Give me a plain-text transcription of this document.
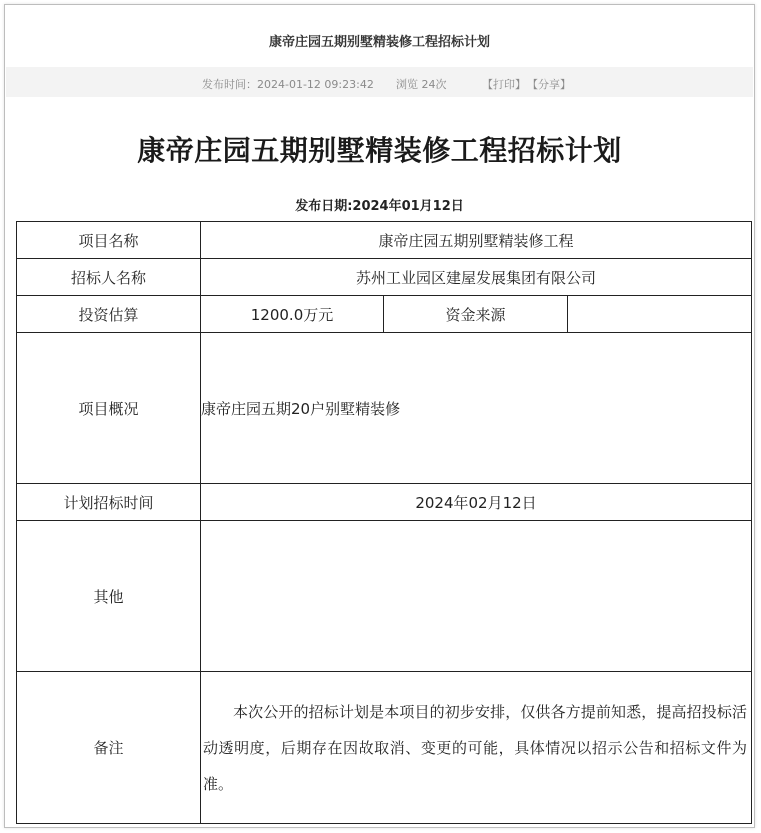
康帝庄园五期别墅精装修工程招标计划
发布时间：2024-01-12 09:23:42 浏览 24次	【打印】 【分享】
康帝庄园五期别墅精装修工程招标计划
发布日期:2024年01月12日
项目名称	康帝庄园五期别墅精装修工程		
招标人名称	苏州工业园区建屋发展集团有限公司		
投资估算	1200.0万元	资金来源	
项目概况	康帝庄园五期20户别墅精装修		
计划招标时间	2024年02月12日		
其他			
备注	本次公开的招标计划是本项目的初步安排，仅供各方提前知悉，提高招投标活动透明度，后期存在因故取消、变更的可能，具体情况以招示公告和招标文件为准。		
